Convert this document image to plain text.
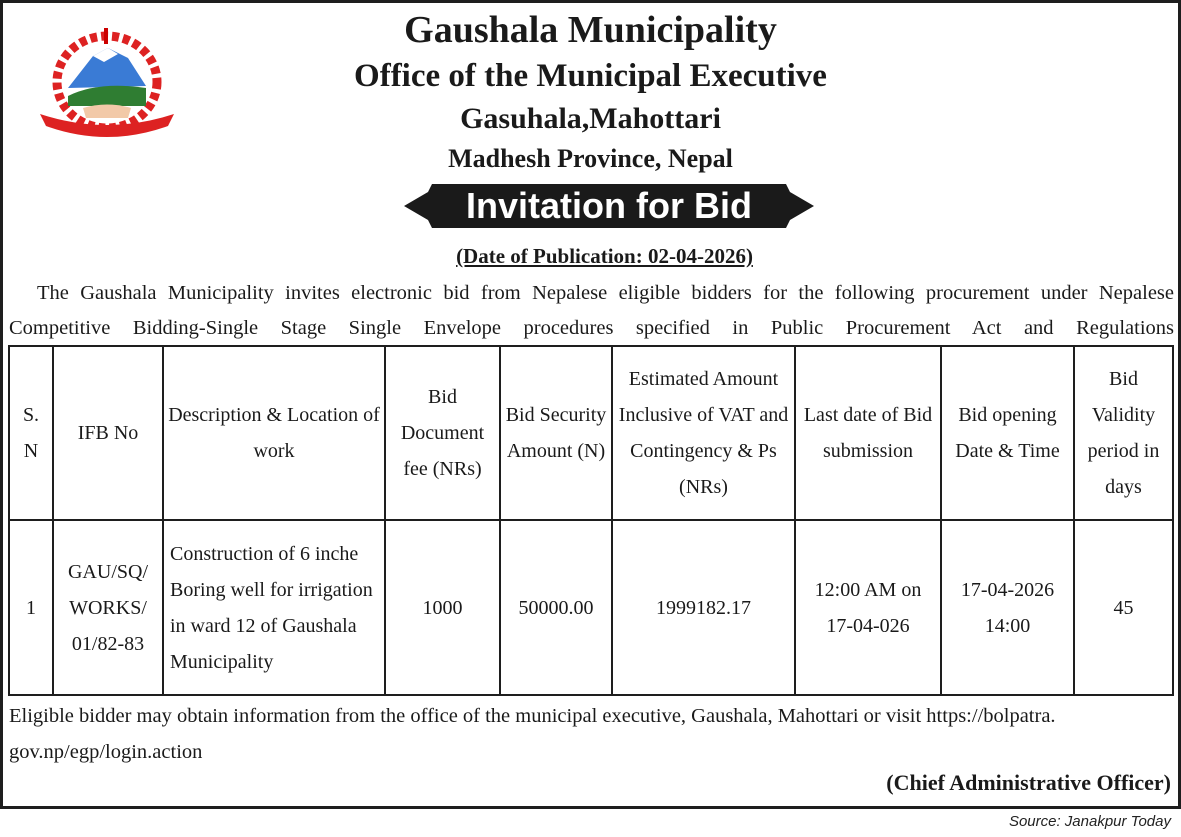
Gaushala Municipality
Office of the Municipal Executive
Gasuhala,Mahottari
Madhesh Province, Nepal
Invitation for Bid
(Date of Publication: 02-04-2026)
The Gaushala Municipality invites electronic bid from Nepalese eligible bidders for the following procurement under Nepalese Competitive Bidding-Single Stage Single Envelope procedures specified in Public Procurement Act and Regulations
S. N	IFB No	Description & Location of work	Bid Document fee (NRs)	Bid Security Amount (N)	Estimated Amount Inclusive of VAT and Contingency & Ps (NRs)	Last date of Bid submission	Bid opening Date & Time	Bid Validity period in days
1	GAU/SQ/ WORKS/ 01/82-83	Construction of 6 inche Boring well for irrigation in ward 12 of Gaushala Municipality	1000	50000.00	1999182.17	12:00 AM on 17-04-026	17-04-2026 14:00	45
Eligible bidder may obtain information from the office of the municipal executive, Gaushala, Mahottari or visit https://bolpatra. gov.np/egp/login.action
(Chief Administrative Officer)
Source: Janakpur Today
